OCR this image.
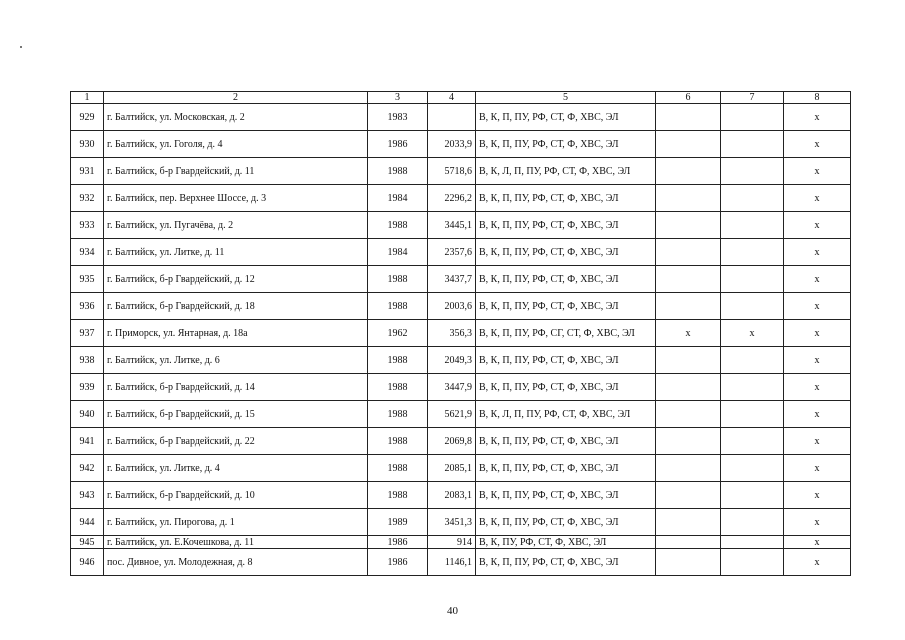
1	2	3	4	5	6	7	8
929	г. Балтийск, ул. Московская, д. 2	1983		В, К, П, ПУ, РФ, СТ, Ф, ХВС, ЭЛ			х
930	г. Балтийск, ул. Гоголя, д. 4	1986	2033,9	В, К, П, ПУ, РФ, СТ, Ф, ХВС, ЭЛ			х
931	г. Балтийск, б-р Гвардейский, д. 11	1988	5718,6	В, К, Л, П, ПУ, РФ, СТ, Ф, ХВС, ЭЛ			х
932	г. Балтийск, пер. Верхнее Шоссе, д. 3	1984	2296,2	В, К, П, ПУ, РФ, СТ, Ф, ХВС, ЭЛ			х
933	г. Балтийск, ул. Пугачёва, д. 2	1988	3445,1	В, К, П, ПУ, РФ, СТ, Ф, ХВС, ЭЛ			х
934	г. Балтийск, ул. Литке, д. 11	1984	2357,6	В, К, П, ПУ, РФ, СТ, Ф, ХВС, ЭЛ			х
935	г. Балтийск, б-р Гвардейский, д. 12	1988	3437,7	В, К, П, ПУ, РФ, СТ, Ф, ХВС, ЭЛ			х
936	г. Балтийск, б-р Гвардейский, д. 18	1988	2003,6	В, К, П, ПУ, РФ, СТ, Ф, ХВС, ЭЛ			х
937	г. Приморск, ул. Янтарная, д. 18а	1962	356,3	В, К, П, ПУ, РФ, СГ, СТ, Ф, ХВС, ЭЛ	х	х	х
938	г. Балтийск, ул. Литке, д. 6	1988	2049,3	В, К, П, ПУ, РФ, СТ, Ф, ХВС, ЭЛ			х
939	г. Балтийск, б-р Гвардейский, д. 14	1988	3447,9	В, К, П, ПУ, РФ, СТ, Ф, ХВС, ЭЛ			х
940	г. Балтийск, б-р Гвардейский, д. 15	1988	5621,9	В, К, Л, П, ПУ, РФ, СТ, Ф, ХВС, ЭЛ			х
941	г. Балтийск, б-р Гвардейский, д. 22	1988	2069,8	В, К, П, ПУ, РФ, СТ, Ф, ХВС, ЭЛ			х
942	г. Балтийск, ул. Литке, д. 4	1988	2085,1	В, К, П, ПУ, РФ, СТ, Ф, ХВС, ЭЛ			х
943	г. Балтийск, б-р Гвардейский, д. 10	1988	2083,1	В, К, П, ПУ, РФ, СТ, Ф, ХВС, ЭЛ			х
944	г. Балтийск, ул. Пирогова, д. 1	1989	3451,3	В, К, П, ПУ, РФ, СТ, Ф, ХВС, ЭЛ			х
945	г. Балтийск, ул. Е.Кочешкова, д. 11	1986	914	В, К, ПУ, РФ, СТ, Ф, ХВС, ЭЛ			х
946	пос. Дивное, ул. Молодежная, д. 8	1986	1146,1	В, К, П, ПУ, РФ, СТ, Ф, ХВС, ЭЛ			х
40
